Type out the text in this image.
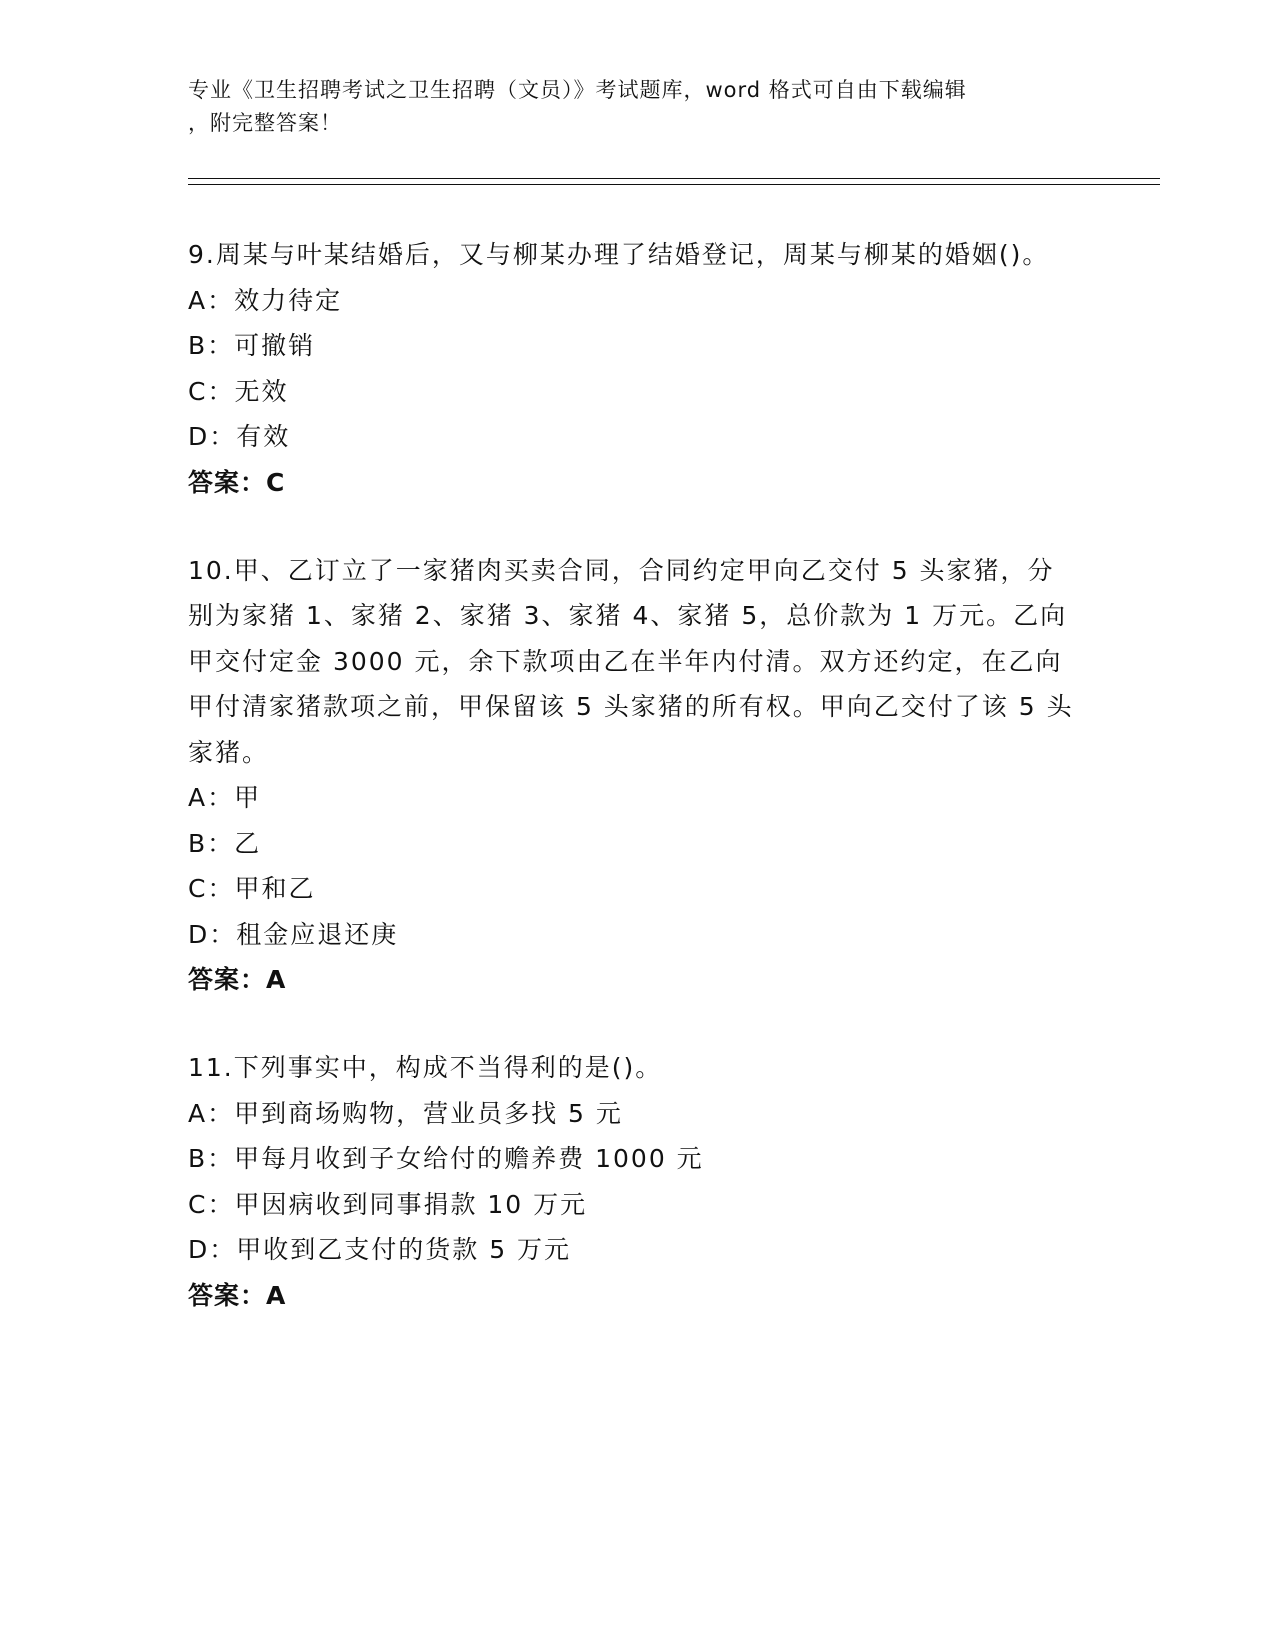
专业《卫生招聘考试之卫生招聘（文员）》考试题库，word 格式可自由下载编辑
，附完整答案！
9.周某与叶某结婚后，又与柳某办理了结婚登记，周某与柳某的婚姻()。
A：效力待定
B：可撤销
C：无效
D：有效
答案：C
10.甲、乙订立了一家猪肉买卖合同，合同约定甲向乙交付 5 头家猪，分别为家猪 1、家猪 2、家猪 3、家猪 4、家猪 5，总价款为 1 万元。乙向甲交付定金 3000 元，余下款项由乙在半年内付清。双方还约定，在乙向甲付清家猪款项之前，甲保留该 5 头家猪的所有权。甲向乙交付了该 5 头家猪。
A：甲
B：乙
C：甲和乙
D：租金应退还庚
答案：A
11.下列事实中，构成不当得利的是()。
A：甲到商场购物，营业员多找 5 元
B：甲每月收到子女给付的赡养费 1000 元
C：甲因病收到同事捐款 10 万元
D：甲收到乙支付的货款 5 万元
答案：A
